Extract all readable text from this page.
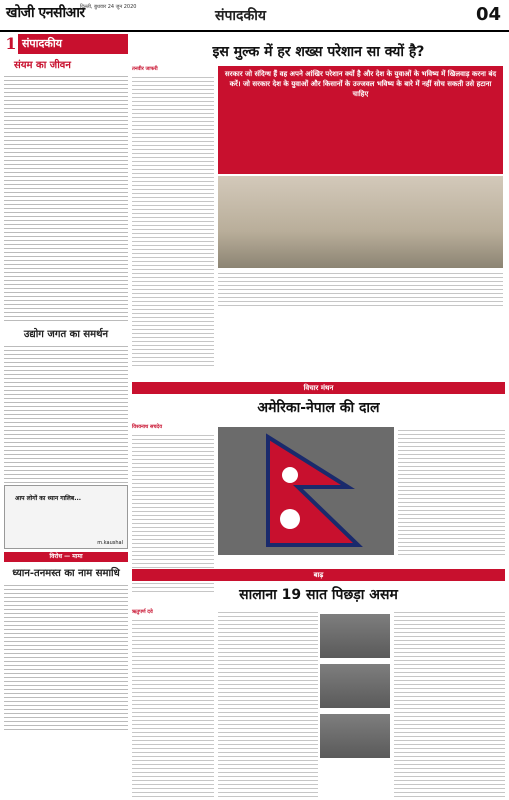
खोजी एनसीआर
दिल्ली, बुधवार 24 जुन 2020
संपादकीय	04
1 संपादकीय
संयम का जीवन
उद्योग जगत का समर्थन
आप लोगों का ध्यान गालिब...
m.kaushal
विरोध — मामा
ध्यान-तनमस्त का नाम समाधि
इस मुल्क में हर शख्स परेशान सा क्यों है?
तनवीर जाफरी
सरकार जो संदिग्ध हैं वह अपने आंखिर परेशान क्यों है और देश के युवाओं के भविष्य में खिलवाड़ करना बंद करें। जो सरकार देश के युवाओं और किसानों के उज्जवल भविष्य के बारे में नहीं सोच सकती उसे हटाना चाहिए
विचार मंथन
अमेरिका-नेपाल की दाल
विश्वनाथ सचदेव
बाढ़
सालाना 19 सात पिछड़ा असम
ऋतुपर्ण दवे
